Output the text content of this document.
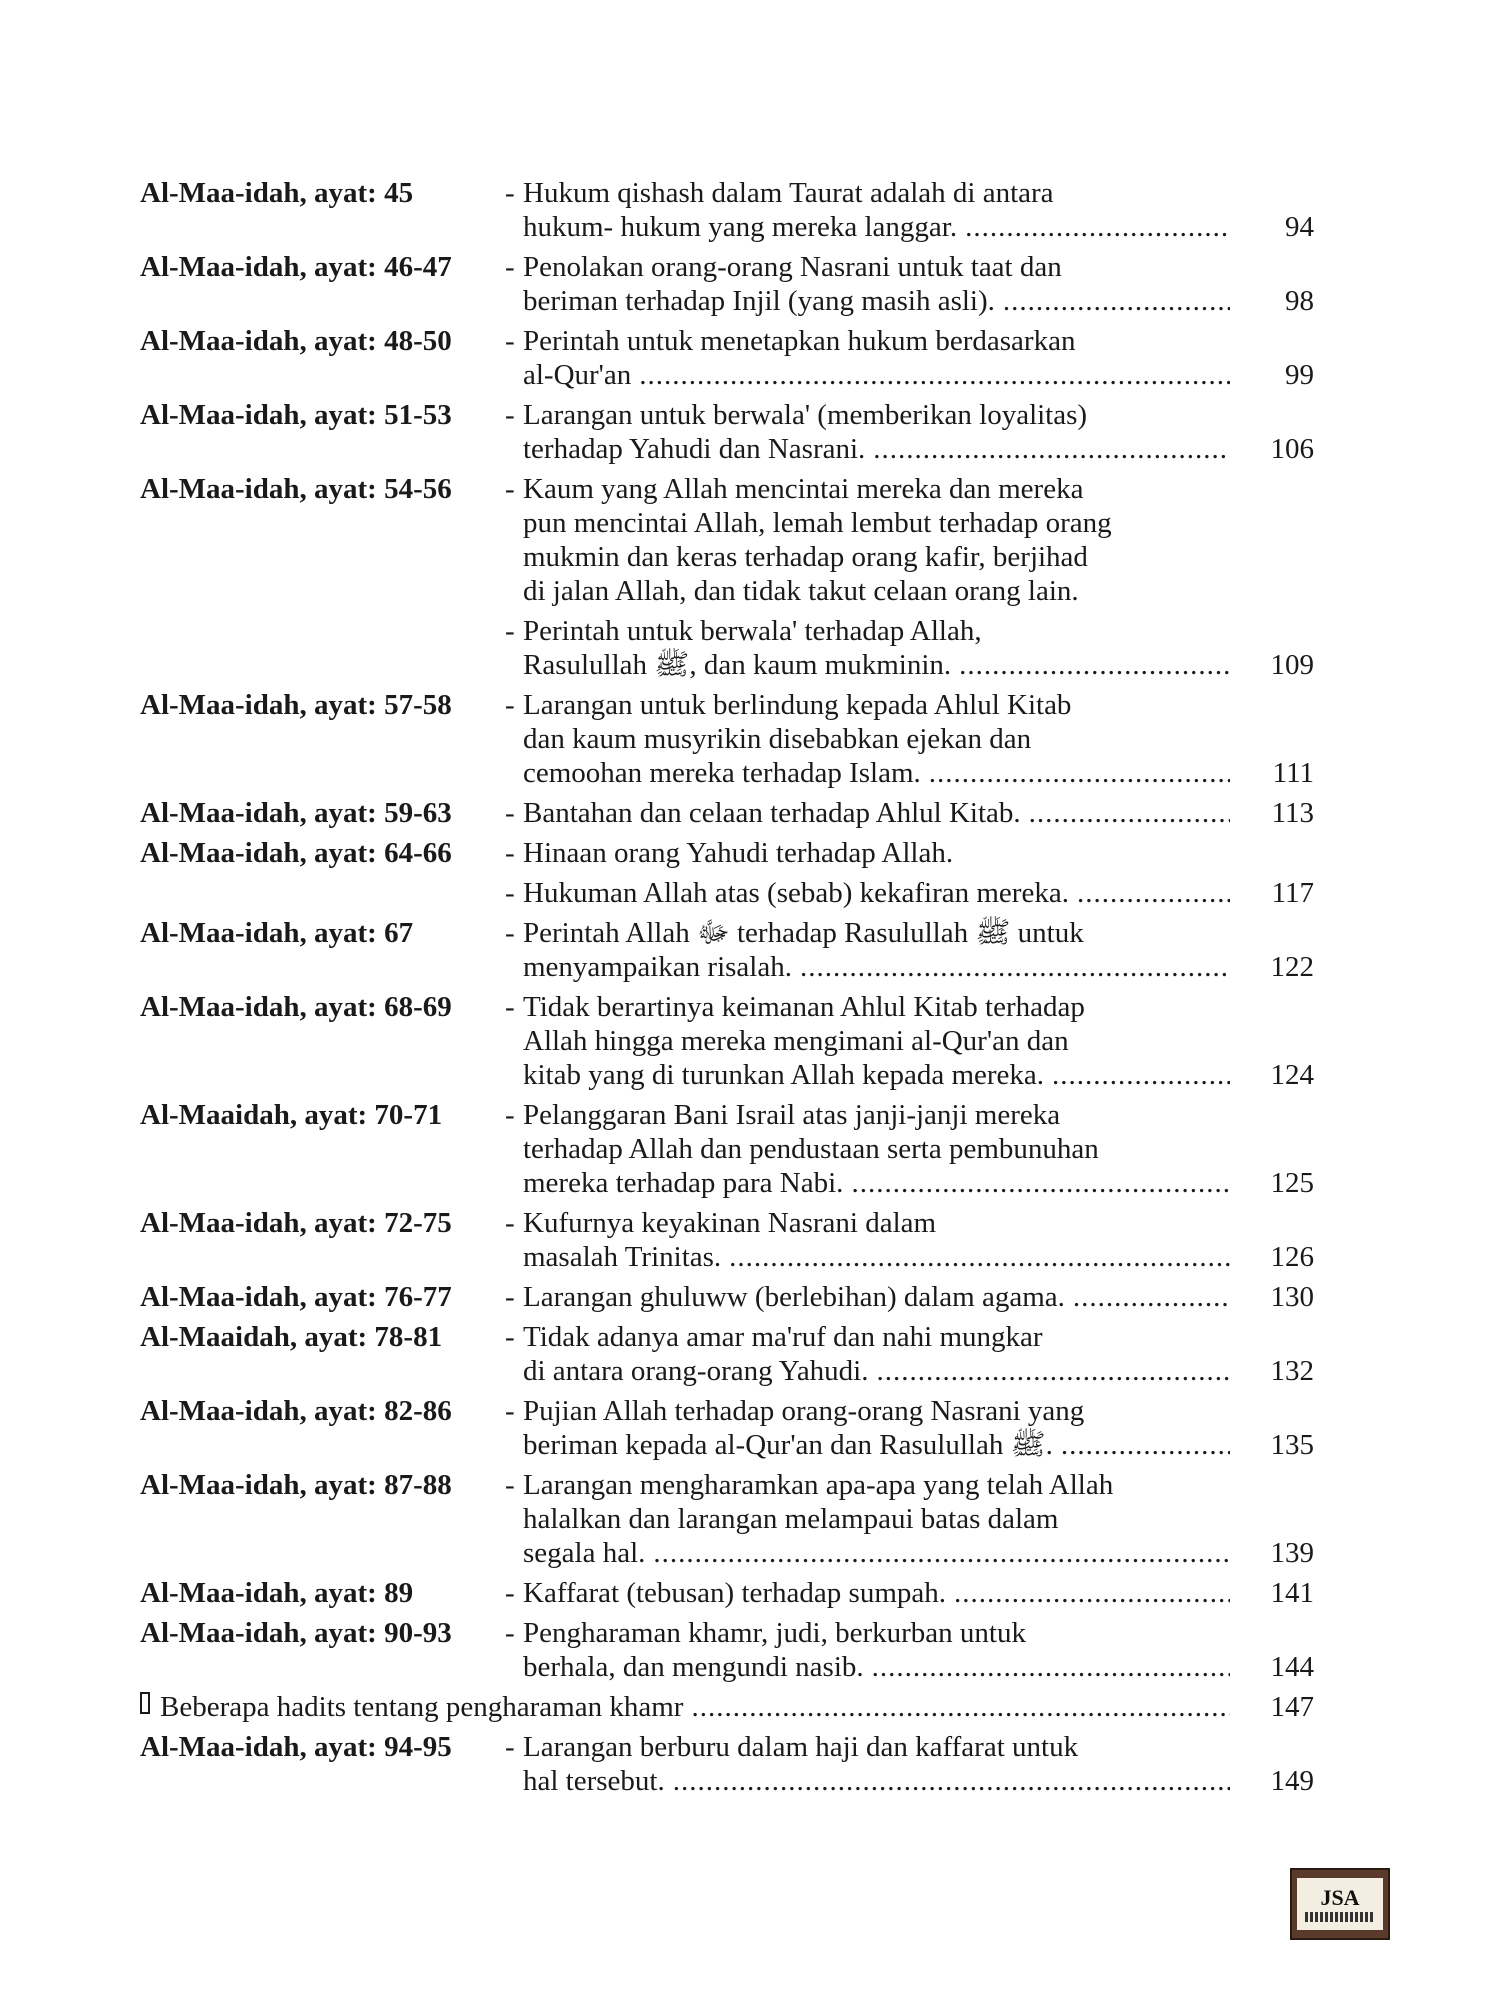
Al-Maa-idah, ayat: 45	- Hukum qishash dalam Taurat adalah di antara
hukum- hukum yang mereka langgar. .....	94
Al-Maa-idah, ayat: 46-47	- Penolakan orang-orang Nasrani untuk taat dan
beriman terhadap Injil (yang masih asli). .....	98
Al-Maa-idah, ayat: 48-50	- Perintah untuk menetapkan hukum berdasarkan
al-Qur'an .....	99
Al-Maa-idah, ayat: 51-53	- Larangan untuk berwala' (memberikan loyalitas)
terhadap Yahudi dan Nasrani. .....	106
Al-Maa-idah, ayat: 54-56	- Kaum yang Allah mencintai mereka dan mereka
pun mencintai Allah, lemah lembut terhadap orang
mukmin dan keras terhadap orang kafir, berjihad
di jalan Allah, dan tidak takut celaan orang lain.
- Perintah untuk berwala' terhadap Allah,
Rasulullah ﷺ, dan kaum mukminin. .....	109
Al-Maa-idah, ayat: 57-58	- Larangan untuk berlindung kepada Ahlul Kitab
dan kaum musyrikin disebabkan ejekan dan
cemoohan mereka terhadap Islam. .....	111
Al-Maa-idah, ayat: 59-63	- Bantahan dan celaan terhadap Ahlul Kitab. .....	113
Al-Maa-idah, ayat: 64-66	- Hinaan orang Yahudi terhadap Allah.
- Hukuman Allah atas (sebab) kekafiran mereka. .....	117
Al-Maa-idah, ayat: 67	- Perintah Allah ﷻ terhadap Rasulullah ﷺ untuk
menyampaikan risalah. .....	122
Al-Maa-idah, ayat: 68-69	- Tidak berartinya keimanan Ahlul Kitab terhadap
Allah hingga mereka mengimani al-Qur'an dan
kitab yang di turunkan Allah kepada mereka. .....	124
Al-Maaidah, ayat: 70-71	- Pelanggaran Bani Israil atas janji-janji mereka
terhadap Allah dan pendustaan serta pembunuhan
mereka terhadap para Nabi. .....	125
Al-Maa-idah, ayat: 72-75	- Kufurnya keyakinan Nasrani dalam
masalah Trinitas. .....	126
Al-Maa-idah, ayat: 76-77	- Larangan ghuluww (berlebihan) dalam agama. .....	130
Al-Maaidah, ayat: 78-81	- Tidak adanya amar ma'ruf dan nahi mungkar
di antara orang-orang Yahudi. .....	132
Al-Maa-idah, ayat: 82-86	- Pujian Allah terhadap orang-orang Nasrani yang
beriman kepada al-Qur'an dan Rasulullah ﷺ. .....	135
Al-Maa-idah, ayat: 87-88	- Larangan mengharamkan apa-apa yang telah Allah
halalkan dan larangan melampaui batas dalam
segala hal. .....	139
Al-Maa-idah, ayat: 89	- Kaffarat (tebusan) terhadap sumpah. .....	141
Al-Maa-idah, ayat: 90-93	- Pengharaman khamr, judi, berkurban untuk
berhala, dan mengundi nasib. .....	144
Beberapa hadits tentang pengharaman khamr .....	147
Al-Maa-idah, ayat: 94-95	- Larangan berburu dalam haji dan kaffarat untuk
hal tersebut. .....	149
JSA
